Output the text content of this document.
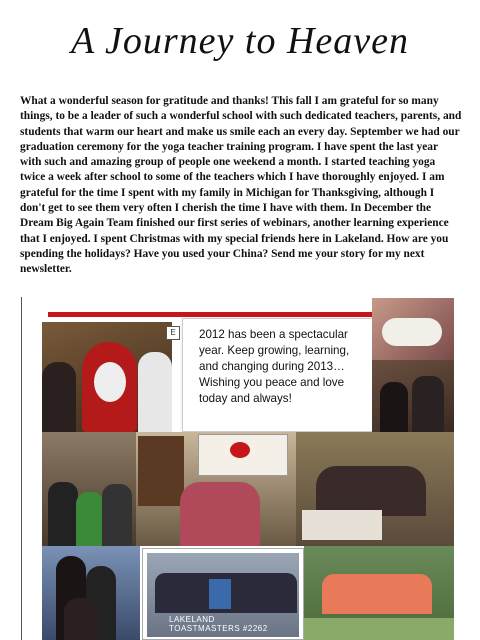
A Journey to Heaven

What a wonderful season for gratitude and thanks! This fall I am grateful for so many things, to be a leader of such a wonderful school with such dedicated teachers, parents, and students that warm our heart and make us smile each an every day. September we had our graduation ceremony for the yoga teacher training program. I have spent the last year with such and amazing group of people one weekend a month. I started teaching yoga twice a week after school to some of the teachers which I have thoroughly enjoyed. I am grateful for the time I spent with my family in Michigan for Thanksgiving, although I don't get to see them very often I cherish the time I have with them. In December the Dream Big Again Team finished our first series of webinars, another learning experience that I enjoyed. I spent Christmas with my special friends here in Lakeland. How are you spending the holidays? Have you used your China? Send me your story for my next newsletter.

E	2012 has been a spectacular year. Keep growing, learning, and changing during 2013… Wishing you peace and love today and always!

LAKELAND
TOASTMASTERS #2262
